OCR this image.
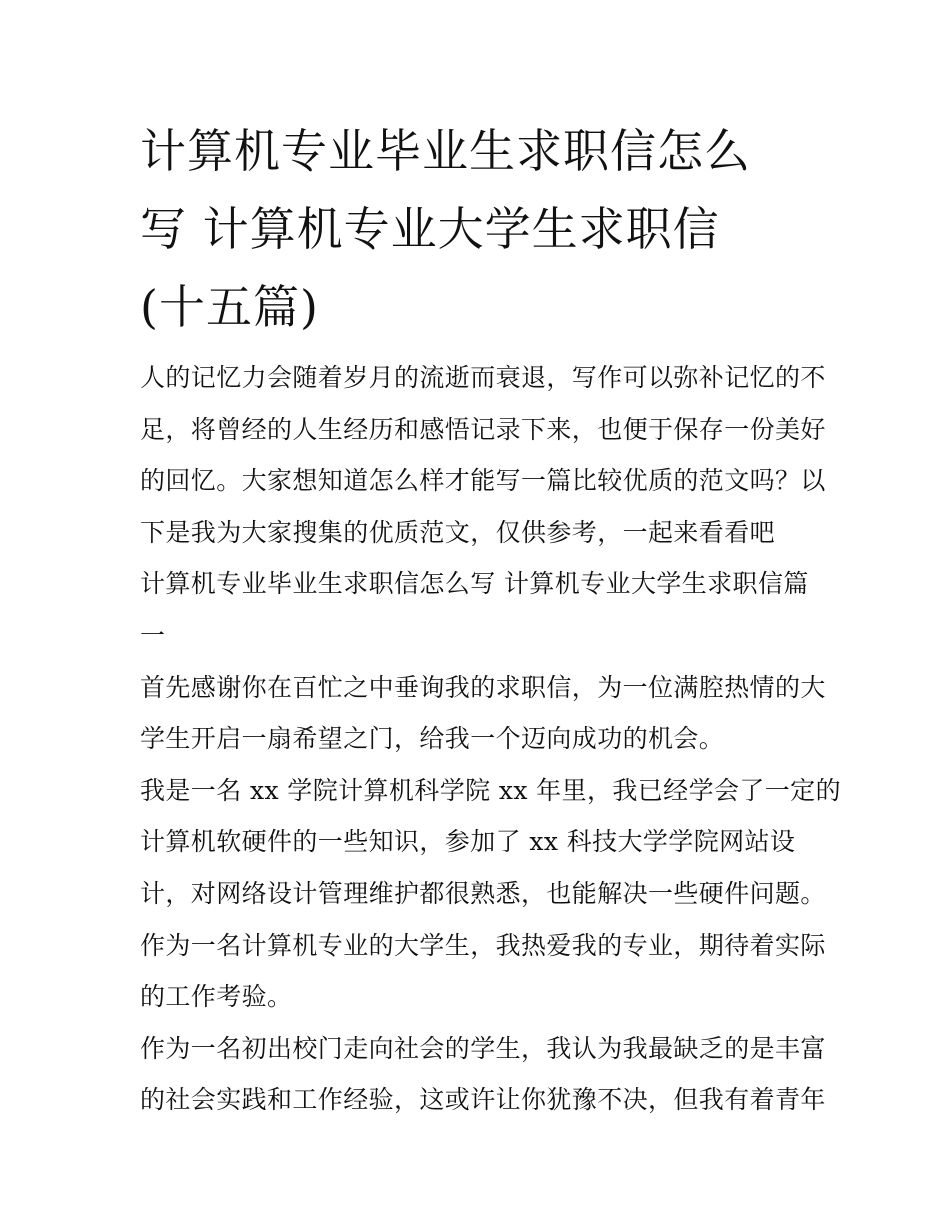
计算机专业毕业生求职信怎么
写 计算机专业大学生求职信
(十五篇)
人的记忆力会随着岁月的流逝而衰退，写作可以弥补记忆的不
足，将曾经的人生经历和感悟记录下来，也便于保存一份美好
的回忆。大家想知道怎么样才能写一篇比较优质的范文吗？以
下是我为大家搜集的优质范文，仅供参考，一起来看看吧
计算机专业毕业生求职信怎么写 计算机专业大学生求职信篇
一
首先感谢你在百忙之中垂询我的求职信，为一位满腔热情的大
学生开启一扇希望之门，给我一个迈向成功的机会。
我是一名 xx 学院计算机科学院 xx 年里，我已经学会了一定的
计算机软硬件的一些知识，参加了 xx 科技大学学院网站设
计，对网络设计管理维护都很熟悉，也能解决一些硬件问题。
作为一名计算机专业的大学生，我热爱我的专业，期待着实际
的工作考验。
作为一名初出校门走向社会的学生，我认为我最缺乏的是丰富
的社会实践和工作经验，这或许让你犹豫不决，但我有着青年
